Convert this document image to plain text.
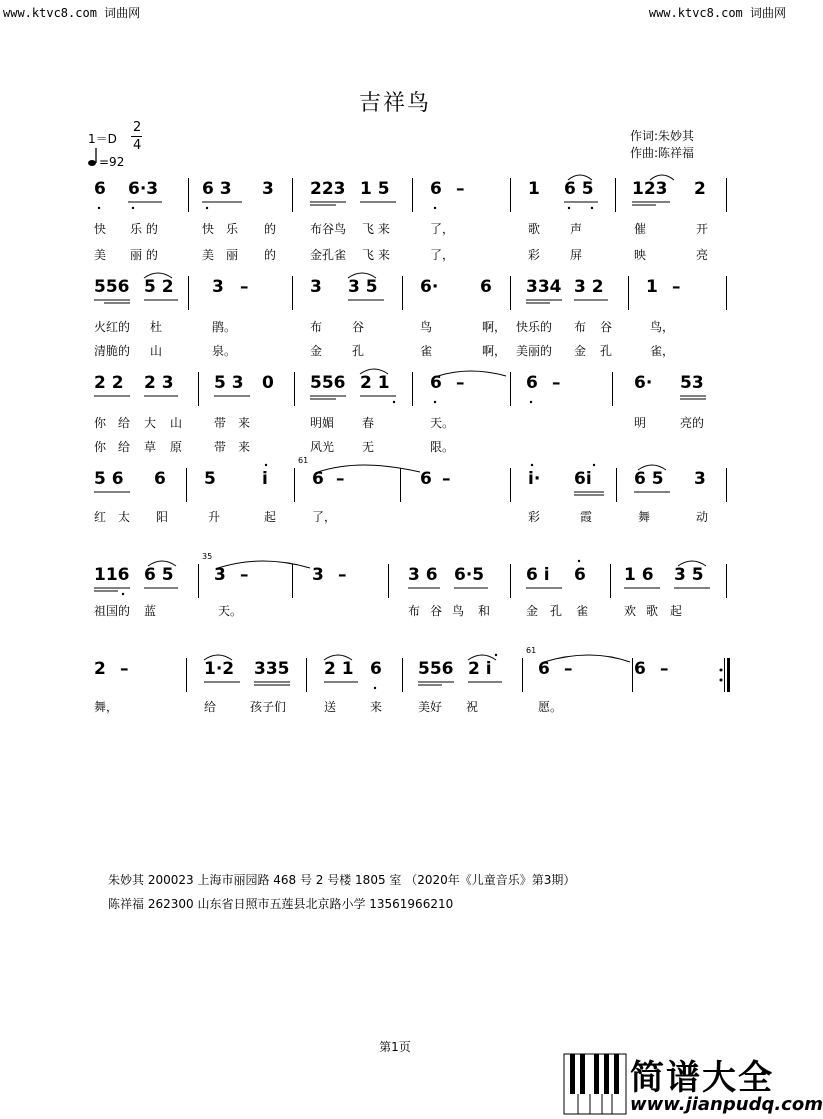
www.ktvc8.com 词曲网	www.ktvc8.com 词曲网
吉祥鸟
1＝D
2
4
=92
作词:朱妙其
作曲:陈祥福
6 6·3	6 3 3 223 1 5 6 –	1 6 5 123 2
快 乐 的	快 乐 的	布谷鸟 飞 来	了，	歌 声	催	开
美 丽 的	美 丽 的	金孔雀 飞 来	了，	彩 屏	映	亮
556 5 2 3 –	3 3 5 6· 6 334 3 2 1 –
火红的 杜	鹃。	布 谷	鸟	啊， 快乐的 布 谷	鸟，
清脆的 山	泉。	金 孔	雀	啊， 美丽的 金 孔	雀，
2 2 2 3 5 3 0 556 2 1 6 –	6 –	6· 53
你 给 大 山	带 来	明媚 春	天。	明	亮的
你 给 草 原	带 来	风光 无	限。
5 6 6 5	i
61
6 –	6 –	i· 6i 6 5 3
红 太 阳	升	起	了，	彩	霞	舞	动
116 6 5
35
3 –	3 –	3 6 6·5 6 i 6 1 6 3 5
祖国的 蓝	天。	布 谷 鸟 和	金 孔 雀	欢 歌 起
2 –	1·2 335 2 1 6 556 2 i
61
6 –	6 –
舞，	给	孩子们	送	来	美好 祝	愿。
朱妙其 200023 上海市丽园路 468 号 2 号楼 1805 室 （2020年《儿童音乐》第3期）
陈祥福 262300 山东省日照市五莲县北京路小学 13561966210
第1页
简谱大全
www.jianpudq.com
